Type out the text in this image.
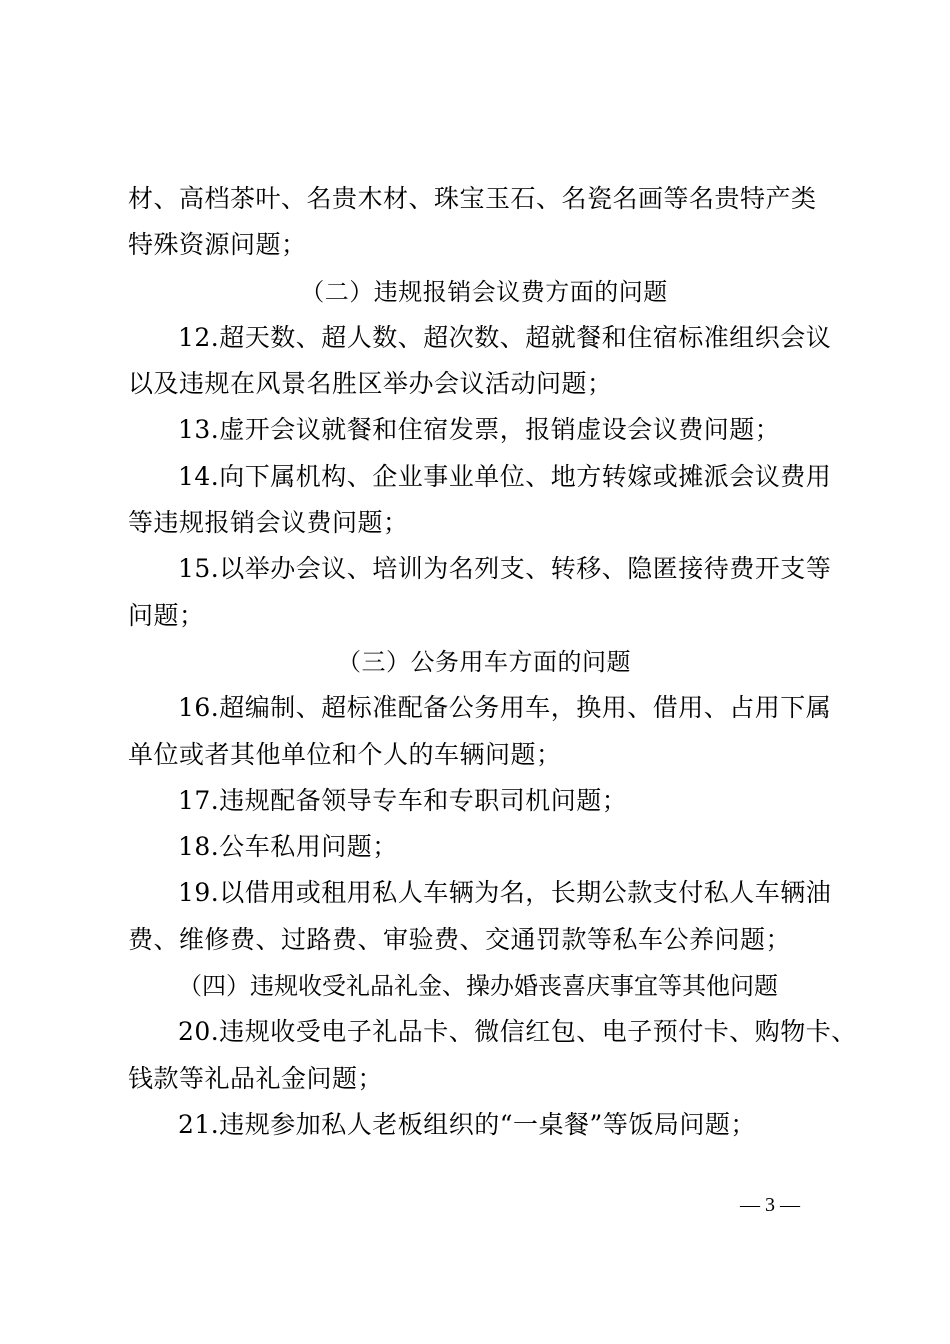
材、高档茶叶、名贵木材、珠宝玉石、名瓷名画等名贵特产类
特殊资源问题；
（二）违规报销会议费方面的问题
12.超天数、超人数、超次数、超就餐和住宿标准组织会议
以及违规在风景名胜区举办会议活动问题；
13.虚开会议就餐和住宿发票，报销虚设会议费问题；
14.向下属机构、企业事业单位、地方转嫁或摊派会议费用
等违规报销会议费问题；
15.以举办会议、培训为名列支、转移、隐匿接待费开支等
问题；
（三）公务用车方面的问题
16.超编制、超标准配备公务用车，换用、借用、占用下属
单位或者其他单位和个人的车辆问题；
17.违规配备领导专车和专职司机问题；
18.公车私用问题；
19.以借用或租用私人车辆为名，长期公款支付私人车辆油
费、维修费、过路费、审验费、交通罚款等私车公养问题；
（四）违规收受礼品礼金、操办婚丧喜庆事宜等其他问题
20.违规收受电子礼品卡、微信红包、电子预付卡、购物卡、
钱款等礼品礼金问题；
21.违规参加私人老板组织的“一桌餐”等饭局问题；
— 3 —
